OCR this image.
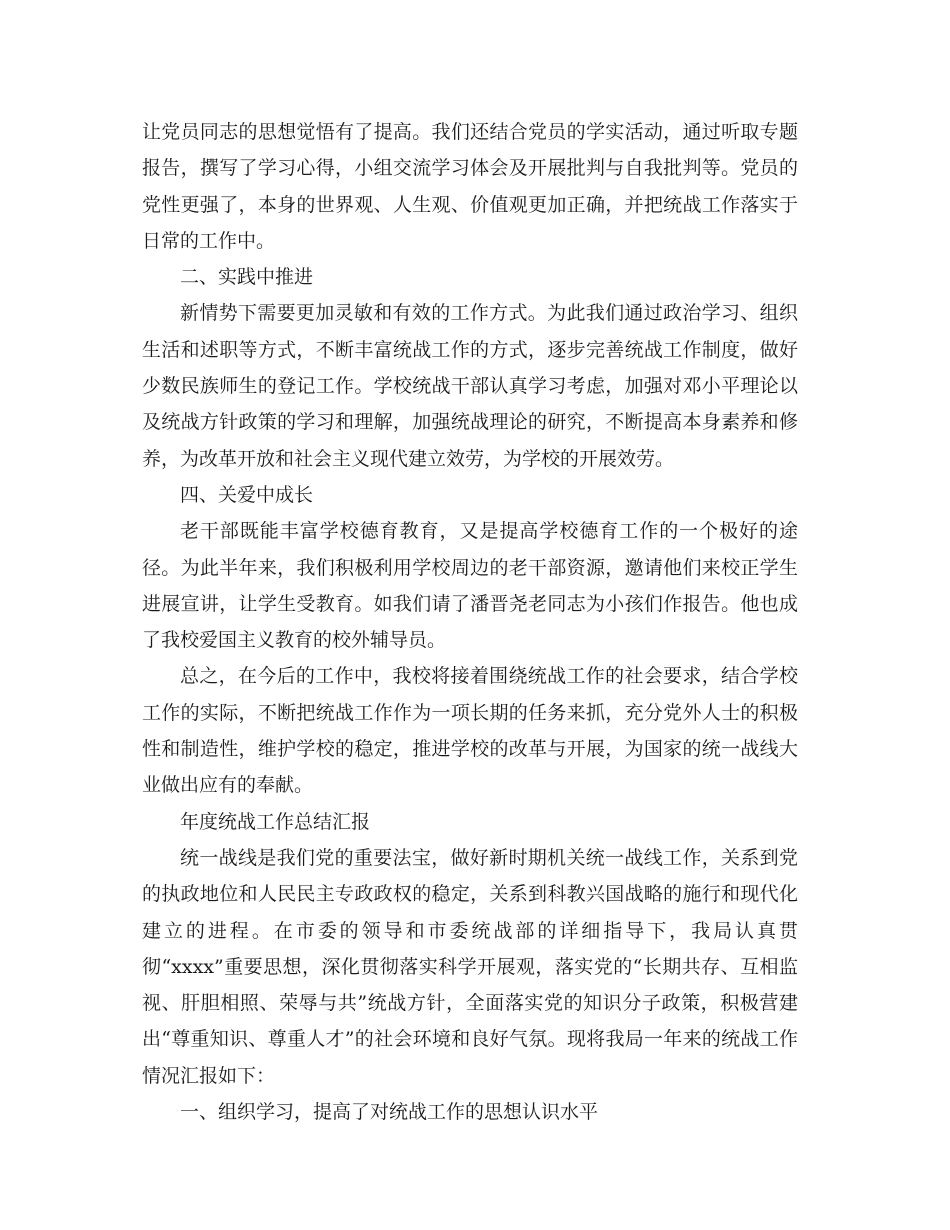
让党员同志的思想觉悟有了提高。我们还结合党员的学实活动，通过听取专题报告，撰写了学习心得，小组交流学习体会及开展批判与自我批判等。党员的党性更强了，本身的世界观、人生观、价值观更加正确，并把统战工作落实于日常的工作中。

二、实践中推进

新情势下需要更加灵敏和有效的工作方式。为此我们通过政治学习、组织生活和述职等方式，不断丰富统战工作的方式，逐步完善统战工作制度，做好少数民族师生的登记工作。学校统战干部认真学习考虑，加强对邓小平理论以及统战方针政策的学习和理解，加强统战理论的研究，不断提高本身素养和修养，为改革开放和社会主义现代建立效劳，为学校的开展效劳。

四、关爱中成长

老干部既能丰富学校德育教育，又是提高学校德育工作的一个极好的途径。为此半年来，我们积极利用学校周边的老干部资源，邀请他们来校正学生进展宣讲，让学生受教育。如我们请了潘晋尧老同志为小孩们作报告。他也成了我校爱国主义教育的校外辅导员。

总之，在今后的工作中，我校将接着围绕统战工作的社会要求，结合学校工作的实际，不断把统战工作作为一项长期的任务来抓，充分党外人士的积极性和制造性，维护学校的稳定，推进学校的改革与开展，为国家的统一战线大业做出应有的奉献。

年度统战工作总结汇报

统一战线是我们党的重要法宝，做好新时期机关统一战线工作，关系到党的执政地位和人民民主专政政权的稳定，关系到科教兴国战略的施行和现代化建立的进程。在市委的领导和市委统战部的详细指导下，我局认真贯彻“xxxx”重要思想，深化贯彻落实科学开展观，落实党的“长期共存、互相监视、肝胆相照、荣辱与共”统战方针，全面落实党的知识分子政策，积极营建出“尊重知识、尊重人才”的社会环境和良好气氛。现将我局一年来的统战工作情况汇报如下：

一、组织学习，提高了对统战工作的思想认识水平
